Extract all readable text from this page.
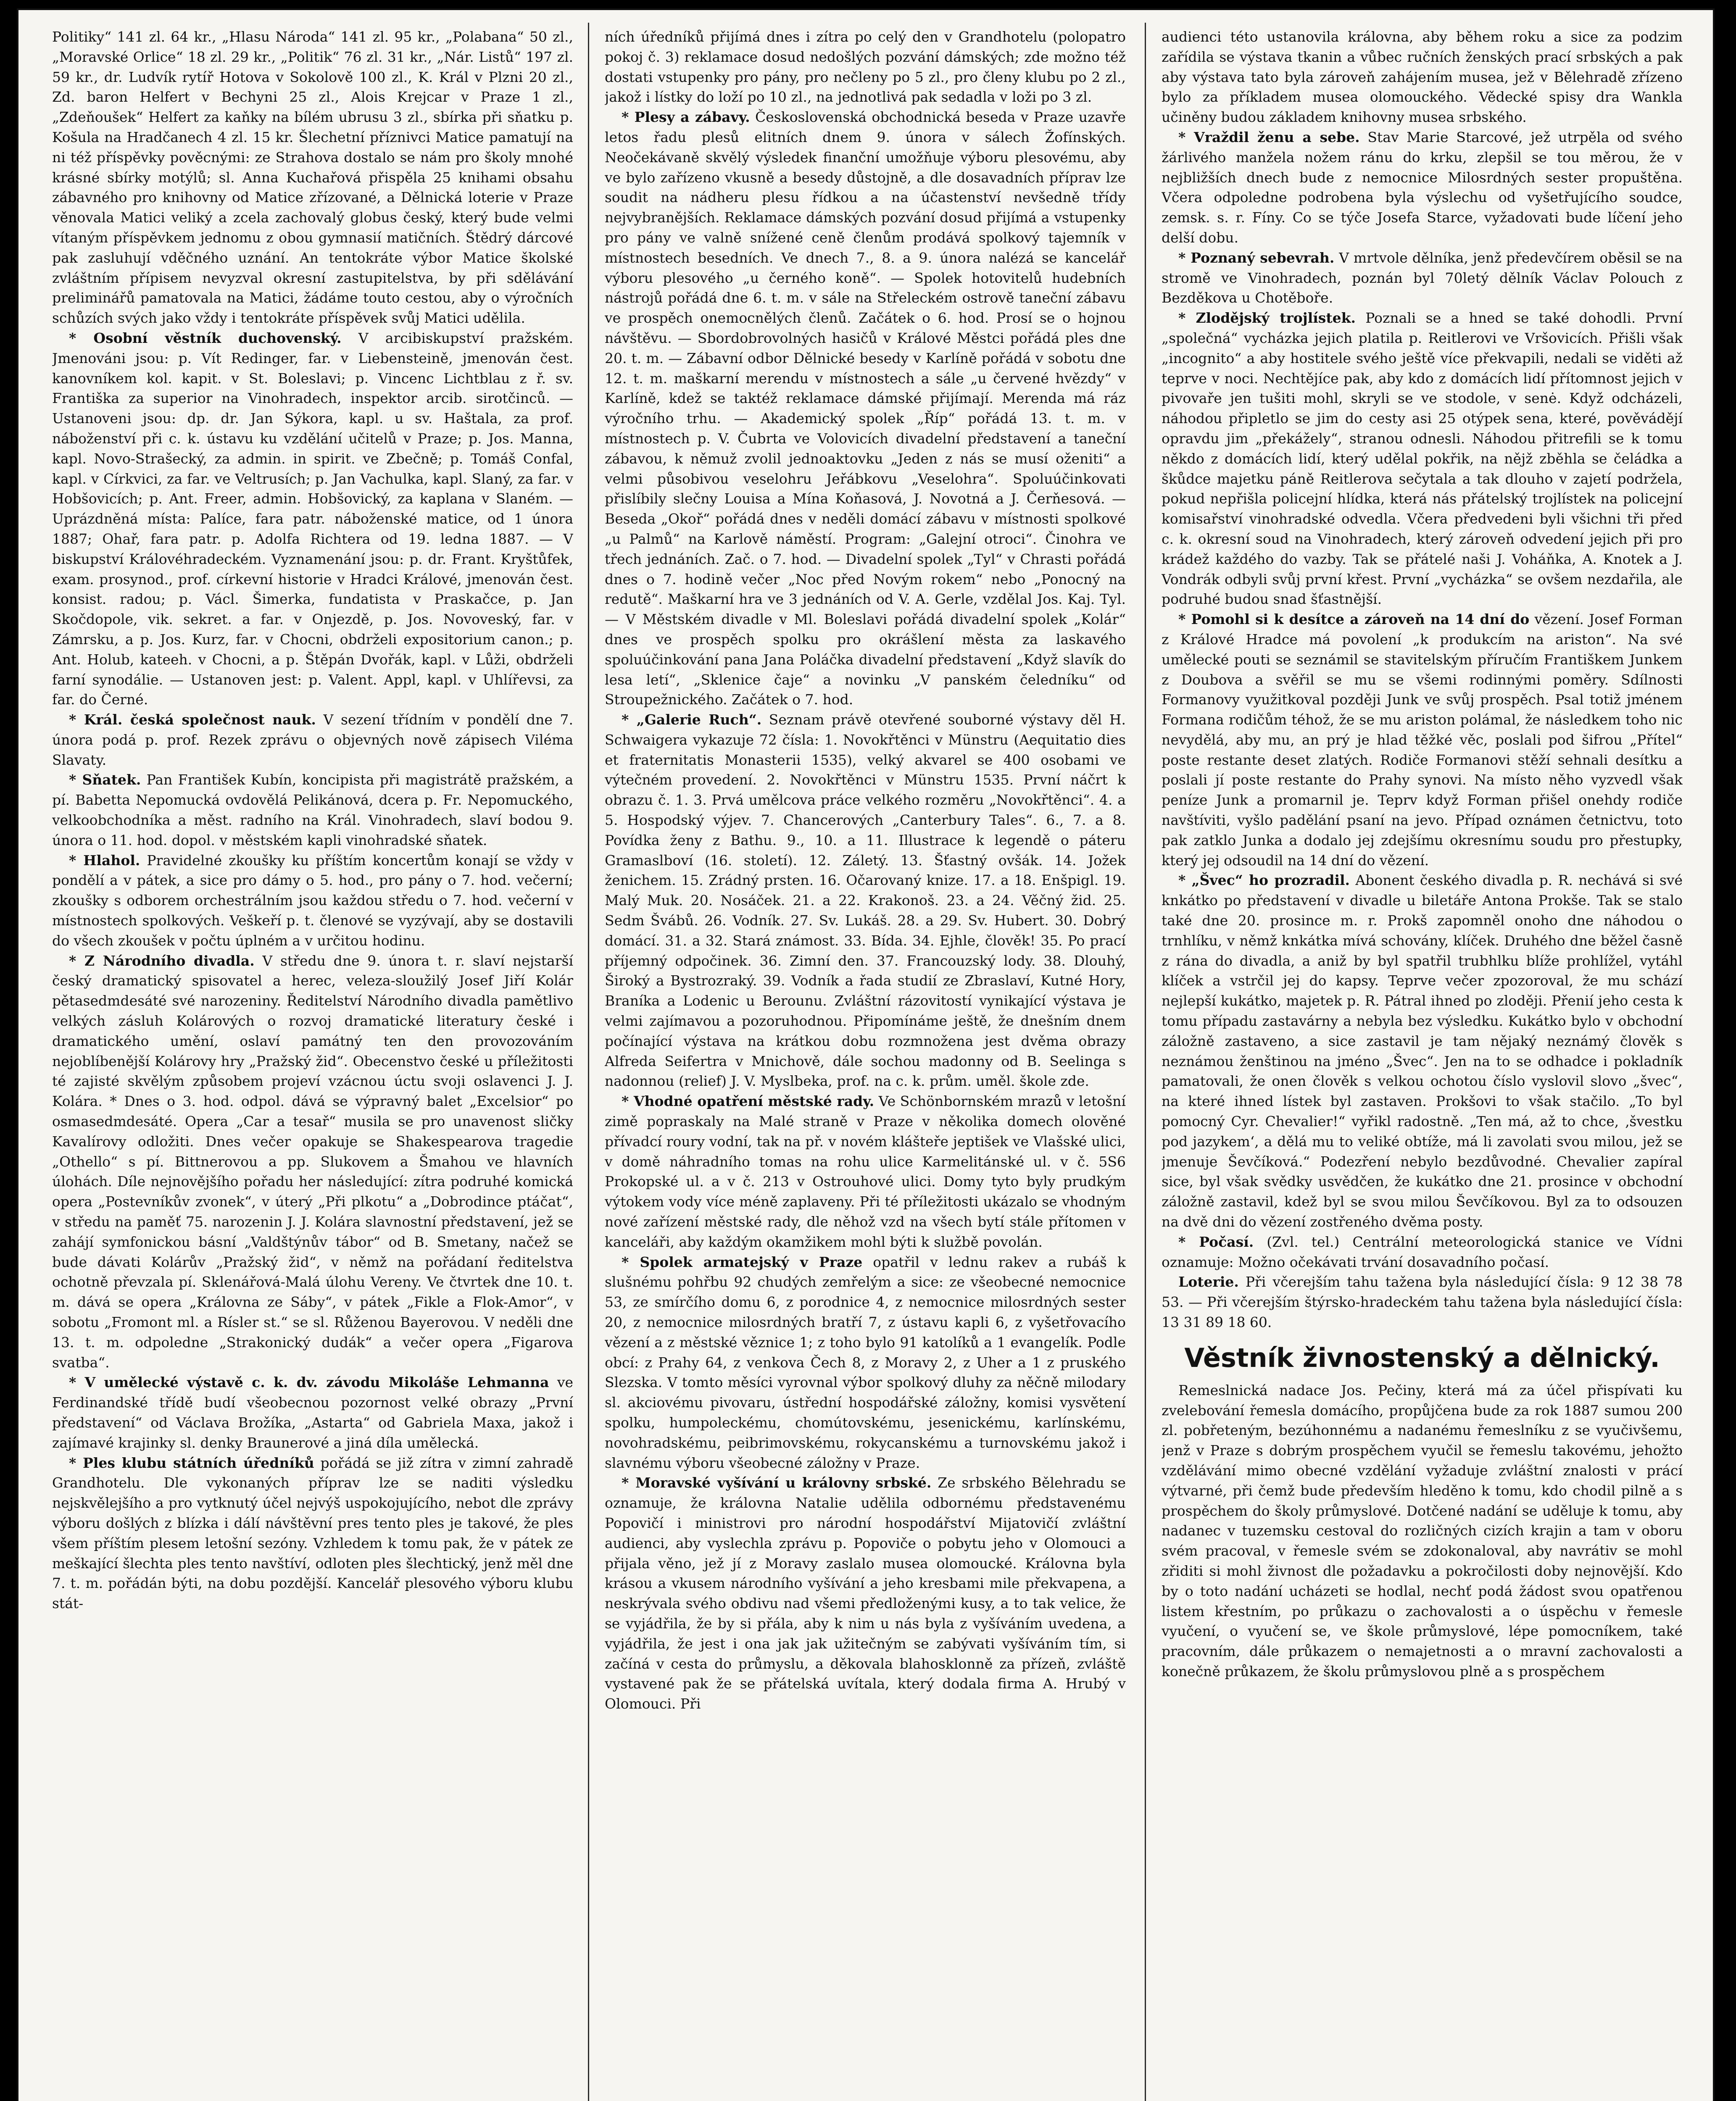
Politiky“ 141 zl. 64 kr., „Hlasu Národa“ 141 zl. 95 kr., „Polabana“ 50 zl., „Moravské Orlice“ 18 zl. 29 kr., „Politik“ 76 zl. 31 kr., „Nár. Listů“ 197 zl. 59 kr., dr. Ludvík rytíř Hotova v Sokolově 100 zl., K. Král v Plzni 20 zl., Zd. baron Helfert v Bechyni 25 zl., Alois Krejcar v Praze 1 zl., „Zdeňoušek“ Helfert za kaňky na bílém ubrusu 3 zl., sbírka při sňatku p. Košula na Hradčanech 4 zl. 15 kr. Šlechetní příznivci Matice pamatují na ni též příspěvky pověcnými: ze Strahova dostalo se nám pro školy mnohé krásné sbírky motýlů; sl. Anna Kuchařová přispěla 25 knihami obsahu zábavného pro knihovny od Matice zřízované, a Dělnická loterie v Praze věnovala Matici veliký a zcela zachovalý globus český, který bude velmi vítaným příspěvkem jednomu z obou gymnasií matičních. Štědrý dárcové pak zasluhují vděčného uznání. An tentokráte výbor Matice školské zvláštním přípisem nevyzval okresní zastupitelstva, by při sdělávání preliminářů pamatovala na Matici, žádáme touto cestou, aby o výročních schůzích svých jako vždy i tentokráte příspěvek svůj Matici udělila.

* Osobní věstník duchovenský. V arcibiskupství pražském. Jmenováni jsou: p. Vít Redinger, far. v Liebensteině, jmenován čest. kanovníkem kol. kapit. v St. Boleslavi; p. Vincenc Lichtblau z ř. sv. Františka za superior na Vinohradech, inspektor arcib. sirotčinců. — Ustanoveni jsou: dp. dr. Jan Sýkora, kapl. u sv. Haštala, za prof. náboženství při c. k. ústavu ku vzdělání učitelů v Praze; p. Jos. Manna, kapl. Novo-Strašecký, za admin. in spirit. ve Zbečně; p. Tomáš Confal, kapl. v Církvici, za far. ve Veltrusích; p. Jan Vachulka, kapl. Slaný, za far. v Hobšovicích; p. Ant. Freer, admin. Hobšovický, za kaplana v Slaném. — Uprázdněná místa: Palíce, fara patr. náboženské matice, od 1 února 1887; Ohař, fara patr. p. Adolfa Richtera od 19. ledna 1887. — V biskupství Královéhradeckém. Vyznamenání jsou: p. dr. Frant. Kryštůfek, exam. prosynod., prof. církevní historie v Hradci Králové, jmenován čest. konsist. radou; p. Václ. Šimerka, fundatista v Praskačce, p. Jan Skočdopole, vik. sekret. a far. v Onjezdě, p. Jos. Novoveský, far. v Zámrsku, a p. Jos. Kurz, far. v Chocni, obdrželi expositorium canon.; p. Ant. Holub, kateeh. v Chocni, a p. Štěpán Dvořák, kapl. v Lůži, obdrželi farní synodálie. — Ustanoven jest: p. Valent. Appl, kapl. v Uhlířevsi, za far. do Černé.

* Král. česká společnost nauk. V sezení třídním v pondělí dne 7. února podá p. prof. Rezek zprávu o objevných nově zápisech Viléma Slavaty.

* Sňatek. Pan František Kubín, koncipista při magistrátě pražském, a pí. Babetta Nepomucká ovdovělá Pelikánová, dcera p. Fr. Nepomuckého, velkoobchodníka a měst. radního na Král. Vinohradech, slaví bodou 9. února o 11. hod. dopol. v městském kapli vinohradské sňatek.

* Hlahol. Pravidelné zkoušky ku příštím koncertům konají se vždy v pondělí a v pátek, a sice pro dámy o 5. hod., pro pány o 7. hod. večerní; zkoušky s odborem orchestrálním jsou každou středu o 7. hod. večerní v místnostech spolkových. Veškeří p. t. členové se vyzývají, aby se dostavili do všech zkoušek v počtu úplném a v určitou hodinu.

* Z Národního divadla. V středu dne 9. února t. r. slaví nejstarší český dramatický spisovatel a herec, veleza-sloužilý Josef Jiří Kolár pětasedmdesáté své narozeniny. Ředitelství Národního divadla pamětlivo velkých zásluh Kolárových o rozvoj dramatické literatury české i dramatického umění, oslaví památný ten den provozováním nejoblíbenější Kolárovy hry „Pražský žid“. Obecenstvo české u příležitosti té zajisté skvělým způsobem projeví vzácnou úctu svoji oslavenci J. J. Kolára. * Dnes o 3. hod. odpol. dává se výpravný balet „Excelsior“ po osmasedmdesáté. Opera „Car a tesař“ musila se pro unavenost sličky Kavalírovy odložiti. Dnes večer opakuje se Shakespearova tragedie „Othello“ s pí. Bittnerovou a pp. Slukovem a Šmahou ve hlavních úlohách. Díle nejnovějšího pořadu her následující: zítra podruhé komická opera „Postevníkův zvonek“, v úterý „Při plkotu“ a „Dobrodince ptáčat“, v středu na paměť 75. narozenin J. J. Kolára slavnostní představení, jež se zahájí symfonickou básní „Valdštýnův tábor“ od B. Smetany, načež se bude dávati Kolárův „Pražský žid“, v němž na pořádaní ředitelstva ochotně převzala pí. Sklenářová-Malá úlohu Vereny. Ve čtvrtek dne 10. t. m. dává se opera „Královna ze Sáby“, v pátek „Fikle a Flok-Amor“, v sobotu „Fromont ml. a Rísler st.“ se sl. Růženou Bayerovou. V neděli dne 13. t. m. odpoledne „Strakonický dudák“ a večer opera „Figarova svatba“.

* V umělecké výstavě c. k. dv. závodu Mikoláše Lehmanna ve Ferdinandské třídě budí všeobecnou pozornost velké obrazy „První představení“ od Václava Brožíka, „Astarta“ od Gabriela Maxa, jakož i zajímavé krajinky sl. denky Braunerové a jiná díla umělecká.

* Ples klubu státních úředníků pořádá se již zítra v zimní zahradě Grandhotelu. Dle vykonaných příprav lze se naditi výsledku nejskvělejšího a pro vytknutý účel nejvýš uspokojujícího, nebot dle zprávy výboru došlých z blízka i dálí návštěvní pres tento ples je takové, že ples všem příštím plesem letošní sezóny. Vzhledem k tomu pak, že v pátek ze meškající šlechta ples tento navštíví, odloten ples šlechtický, jenž měl dne 7. t. m. pořádán býti, na dobu pozdější. Kancelář plesového výboru klubu stát-

ních úředníků přijímá dnes i zítra po celý den v Grandhotelu (polopatro pokoj č. 3) reklamace dosud nedošlých pozvání dámských; zde možno též dostati vstupenky pro pány, pro nečleny po 5 zl., pro členy klubu po 2 zl., jakož i lístky do loží po 10 zl., na jednotlivá pak sedadla v loži po 3 zl.

* Plesy a zábavy. Československá obchodnická beseda v Praze uzavře letos řadu plesů elitních dnem 9. února v sálech Žofínských. Neočekávaně skvělý výsledek finanční umožňuje výboru plesovému, aby ve bylo zařízeno vkusně a besedy důstojně, a dle dosavadních příprav lze soudit na nádheru plesu řídkou a na účastenství nevšedně třídy nejvybranějších. Reklamace dámských pozvání dosud přijímá a vstupenky pro pány ve valně snížené ceně členům prodává spolkový tajemník v místnostech besedních. Ve dnech 7., 8. a 9. února nalézá se kancelář výboru plesového „u černého koně“. — Spolek hotovitelů hudebních nástrojů pořádá dne 6. t. m. v sále na Střeleckém ostrově taneční zábavu ve prospěch onemocnělých členů. Začátek o 6. hod. Prosí se o hojnou návštěvu. — Sbordobrovolných hasičů v Králové Městci pořádá ples dne 20. t. m. — Zábavní odbor Dělnické besedy v Karlíně pořádá v sobotu dne 12. t. m. maškarní merendu v místnostech a sále „u červené hvězdy“ v Karlíně, kdež se taktéž reklamace dámské přijímají. Merenda má ráz výročního trhu. — Akademický spolek „Říp“ pořádá 13. t. m. v místnostech p. V. Čubrta ve Volovicích divadelní představení a taneční zábavou, k němuž zvolil jednoaktovku „Jeden z nás se musí oženiti“ a velmi působivou veselohru Jeřábkovu „Veselohra“. Spoluúčinkovati přislíbily slečny Louisa a Mína Koňasová, J. Novotná a J. Čerňesová. — Beseda „Okoř“ pořádá dnes v neděli domácí zábavu v místnosti spolkové „u Palmů“ na Karlově náměstí. Program: „Galejní otroci“. Činohra ve třech jednáních. Zač. o 7. hod. — Divadelní spolek „Tyl“ v Chrasti pořádá dnes o 7. hodině večer „Noc před Novým rokem“ nebo „Ponocný na redutě“. Maškarní hra ve 3 jednáních od V. A. Gerle, vzdělal Jos. Kaj. Tyl. — V Městském divadle v Ml. Boleslavi pořádá divadelní spolek „Kolár“ dnes ve prospěch spolku pro okrášlení města za laskavého spoluúčinkování pana Jana Poláčka divadelní představení „Když slavík do lesa letí“, „Sklenice čaje“ a novinku „V panském čeledníku“ od Stroupežnického. Začátek o 7. hod.

* „Galerie Ruch“. Seznam právě otevřené souborné výstavy děl H. Schwaigera vykazuje 72 čísla: 1. Novokřtěnci v Münstru (Aequitatio dies et fraternitatis Monasterii 1535), velký akvarel se 400 osobami ve výtečném provedení. 2. Novokřtěnci v Münstru 1535. První náčrt k obrazu č. 1. 3. Prvá umělcova práce velkého rozměru „Novokřtěnci“. 4. a 5. Hospodský výjev. 7. Chancerových „Canterbury Tales“. 6., 7. a 8. Povídka ženy z Bathu. 9., 10. a 11. Illustrace k legendě o páteru Gramaslboví (16. století). 12. Záletý. 13. Šťastný ovšák. 14. Jožek ženichem. 15. Zrádný prsten. 16. Očarovaný knize. 17. a 18. Enšpigl. 19. Malý Muk. 20. Nosáček. 21. a 22. Krakonoš. 23. a 24. Věčný žid. 25. Sedm Švábů. 26. Vodník. 27. Sv. Lukáš. 28. a 29. Sv. Hubert. 30. Dobrý domácí. 31. a 32. Stará známost. 33. Bída. 34. Ejhle, člověk! 35. Po prací příjemný odpočinek. 36. Zimní den. 37. Francouzský lody. 38. Dlouhý, Široký a Bystrozraký. 39. Vodník a řada studií ze Zbraslaví, Kutné Hory, Braníka a Lodenic u Berounu. Zvláštní rázovitostí vynikající výstava je velmi zajímavou a pozoruhodnou. Připomínáme ještě, že dnešním dnem počínající výstava na krátkou dobu rozmnožena jest dvěma obrazy Alfreda Seifertra v Mnichově, dále sochou madonny od B. Seelinga s nadonnou (relief) J. V. Myslbeka, prof. na c. k. prům. uměl. škole zde.

* Vhodné opatření městské rady. Ve Schönbornském mrazů v letošní zimě popraskaly na Malé straně v Praze v několika domech olověné přívadcí roury vodní, tak na př. v novém klášteře jeptišek ve Vlašské ulici, v domě náhradního tomas na rohu ulice Karmelitánské ul. v č. 5S6 Prokopské ul. a v č. 213 v Ostrouhové ulici. Domy tyto byly prudkým výtokem vody více méně zaplaveny. Při té příležitosti ukázalo se vhodným nové zařízení městské rady, dle něhož vzd na všech bytí stále přítomen v kanceláři, aby každým okamžikem mohl býti k službě povolán.

* Spolek armatejský v Praze opatřil v lednu rakev a rubáš k slušnému pohřbu 92 chudých zemřelým a sice: ze všeobecné nemocnice 53, ze smírčího domu 6, z porodnice 4, z nemocnice milosrdných sester 20, z nemocnice milosrdných bratří 7, z ústavu kapli 6, z vyšetřovacího vězení a z městské věznice 1; z toho bylo 91 katolíků a 1 evangelík. Podle obcí: z Prahy 64, z venkova Čech 8, z Moravy 2, z Uher a 1 z pruského Slezska. V tomto měsíci vyrovnal výbor spolkový dluhy za něčně milodary sl. akciovému pivovaru, ústřední hospodářské záložny, komisi vysvětení spolku, humpoleckému, chomútovskému, jesenickému, karlínskému, novohradskému, peibrimovskému, rokycanskému a turnovskému jakož i slavnému výboru všeobecné záložny v Praze.

* Moravské vyšívání u královny srbské. Ze srbského Bělehradu se oznamuje, že královna Natalie udělila odbornému představenému Popovičí i ministrovi pro národní hospodářství Mijatovičí zvláštní audienci, aby vyslechla zprávu p. Popoviče o pobytu jeho v Olomouci a přijala věno, jež jí z Moravy zaslalo musea olomoucké. Královna byla krásou a vkusem národního vyšívání a jeho kresbami mile překvapena, a neskrývala svého obdivu nad všemi předloženými kusy, a to tak velice, že se vyjádřila, že by si přála, aby k nim u nás byla z vyšíváním uvedena, a vyjádřila, že jest i ona jak jak užitečným se zabývati vyšíváním tím, si začíná v cesta do průmyslu, a děkovala blahosklonně za přízeň, zvláště vystavené pak že se přátelská uvítala, který dodala firma A. Hrubý v Olomouci. Při

audienci této ustanovila královna, aby během roku a sice za podzim zařídila se výstava tkanin a vůbec ručních ženských prací srbských a pak aby výstava tato byla zároveň zahájením musea, jež v Bělehradě zřízeno bylo za příkladem musea olomouckého. Vědecké spisy dra Wankla učiněny budou základem knihovny musea srbského.

* Vraždil ženu a sebe. Stav Marie Starcové, jež utrpěla od svého žárlivého manžela nožem ránu do krku, zlepšil se tou měrou, že v nejbližších dnech bude z nemocnice Milosrdných sester propuštěna. Včera odpoledne podrobena byla výslechu od vyšetřujícího soudce, zemsk. s. r. Fíny. Co se týče Josefa Starce, vyžadovati bude líčení jeho delší dobu.

* Poznaný sebevrah. V mrtvole dělníka, jenž předevčírem oběsil se na stromě ve Vinohradech, poznán byl 70letý dělník Václav Polouch z Bezděkova u Chotěboře.

* Zlodějský trojlístek. Poznali se a hned se také dohodli. První „společná“ vycházka jejich platila p. Reitlerovi ve Vršovicích. Přišli však „incognito“ a aby hostitele svého ještě více překvapili, nedali se viděti až teprve v noci. Nechtějíce pak, aby kdo z domácích lidí přítomnost jejich v pivovaře jen tušiti mohl, skryli se ve stodole, v senė. Když odcházeli, náhodou připletlo se jim do cesty asi 25 otýpek sena, které, pověvádějí opravdu jim „překážely“, stranou odnesli. Náhodou přitrefili se k tomu někdo z domácích lidí, který udělal pokřik, na nějž zběhla se čeládka a škůdce majetku páně Reitlerova sečytala a tak dlouho v zajetí podržela, pokud nepřišla policejní hlídka, která nás přátelský trojlístek na policejní komisařství vinohradské odvedla. Včera předvedeni byli všichni tři před c. k. okresní soud na Vinohradech, který zároveň odvedení jejich při pro krádež každého do vazby. Tak se přátelé naši J. Voháňka, A. Knotek a J. Vondrák odbyli svůj první křest. První „vycházka“ se ovšem nezdařila, ale podruhé budou snad šťastnější.

* Pomohl si k desítce a zároveň na 14 dní do vězení. Josef Forman z Králové Hradce má povolení „k produkcím na ariston“. Na své umělecké pouti se seznámil se stavitelským příručím Františkem Junkem z Doubova a svěřil se mu se všemi rodinnými poměry. Sdílnosti Formanovy využitkoval později Junk ve svůj prospěch. Psal totiž jménem Formana rodičům téhož, že se mu ariston polámal, že následkem toho nic nevydělá, aby mu, an prý je hlad těžké věc, poslali pod šifrou „Přítel“ poste restante deset zlatých. Rodiče Formanovi stěží sehnali desítku a poslali jí poste restante do Prahy synovi. Na místo něho vyzvedl však peníze Junk a promarnil je. Teprv když Forman přišel onehdy rodiče navštíviti, vyšlo padělání psaní na jevo. Případ oznámen četnictvu, toto pak zatklo Junka a dodalo jej zdejšímu okresnímu soudu pro přestupky, který jej odsoudil na 14 dní do vězení.

* „Švec“ ho prozradil. Abonent českého divadla p. R. nechává si své knkátko po představení v divadle u biletáře Antona Prokše. Tak se stalo také dne 20. prosince m. r. Prokš zapomněl onoho dne náhodou o trnhlíku, v němž knkátka mívá schovány, klíček. Druhého dne běžel časně z rána do divadla, a aniž by byl spatřil trubhlku blíže prohlížel, vytáhl klíček a vstrčil jej do kapsy. Teprve večer zpozoroval, že mu schází nejlepší kukátko, majetek p. R. Pátral ihned po zloději. Přenií jeho cesta k tomu případu zastavárny a nebyla bez výsledku. Kukátko bylo v obchodní záložně zastaveno, a sice zastavil je tam nějaký neznámý člověk s neznámou ženštinou na jméno „Švec“. Jen na to se odhadce i pokladník pamatovali, že onen člověk s velkou ochotou číslo vyslovil slovo „švec“, na které ihned lístek byl zastaven. Prokšovi to však stačilo. „To byl pomocný Cyr. Chevalier!“ vyřikl radostně. „Ten má, až to chce, ‚švestku pod jazykem‘, a dělá mu to veliké obtíže, má li zavolati svou milou, jež se jmenuje Ševčíková.“ Podezření nebylo bezdůvodné. Chevalier zapíral sice, byl však svědky usvědčen, že kukátko dne 21. prosince v obchodní záložně zastavil, kdež byl se svou milou Ševčíkovou. Byl za to odsouzen na dvě dni do vězení zostřeného dvěma posty.

* Počasí. (Zvl. tel.) Centrální meteorologická stanice ve Vídni oznamuje: Možno očekávati trvání dosavadního počasí.

Loterie. Při včerejším tahu tažena byla následující čísla: 9 12 38 78 53. — Při včerejším štýrsko-hradeckém tahu tažena byla následující čísla: 13 31 89 18 60.

Věstník živnostenský a dělnický.

Remeslnická nadace Jos. Pečiny, která má za účel přispívati ku zvelebování řemesla domácího, propůjčena bude za rok 1887 sumou 200 zl. pobřeteným, bezúhonnému a nadanému řemeslníku z se vyučivšemu, jenž v Praze s dobrým prospěchem vyučil se řemeslu takovému, jehožto vzdělávání mimo obecné vzdělání vyžaduje zvláštní znalosti v prácí výtvarné, při čemž bude především hleděno k tomu, kdo chodil pilně a s prospěchem do školy průmyslové. Dotčené nadání se uděluje k tomu, aby nadanec v tuzemsku cestoval do rozličných cizích krajin a tam v oboru svém pracoval, v řemesle svém se zdokonaloval, aby navrátiv se mohl zřiditi si mohl živnost dle požadavku a pokročilosti doby nejnovější. Kdo by o toto nadání ucházeti se hodlal, nechť podá žádost svou opatřenou listem křestním, po průkazu o zachovalosti a o úspěchu v řemesle vyučení, o vyučení se, ve škole průmyslové, lépe pomocníkem, také pracovním, dále průkazem o nemajetnosti a o mravní zachovalosti a konečně průkazem, že školu průmyslovou plně a s prospěchem
